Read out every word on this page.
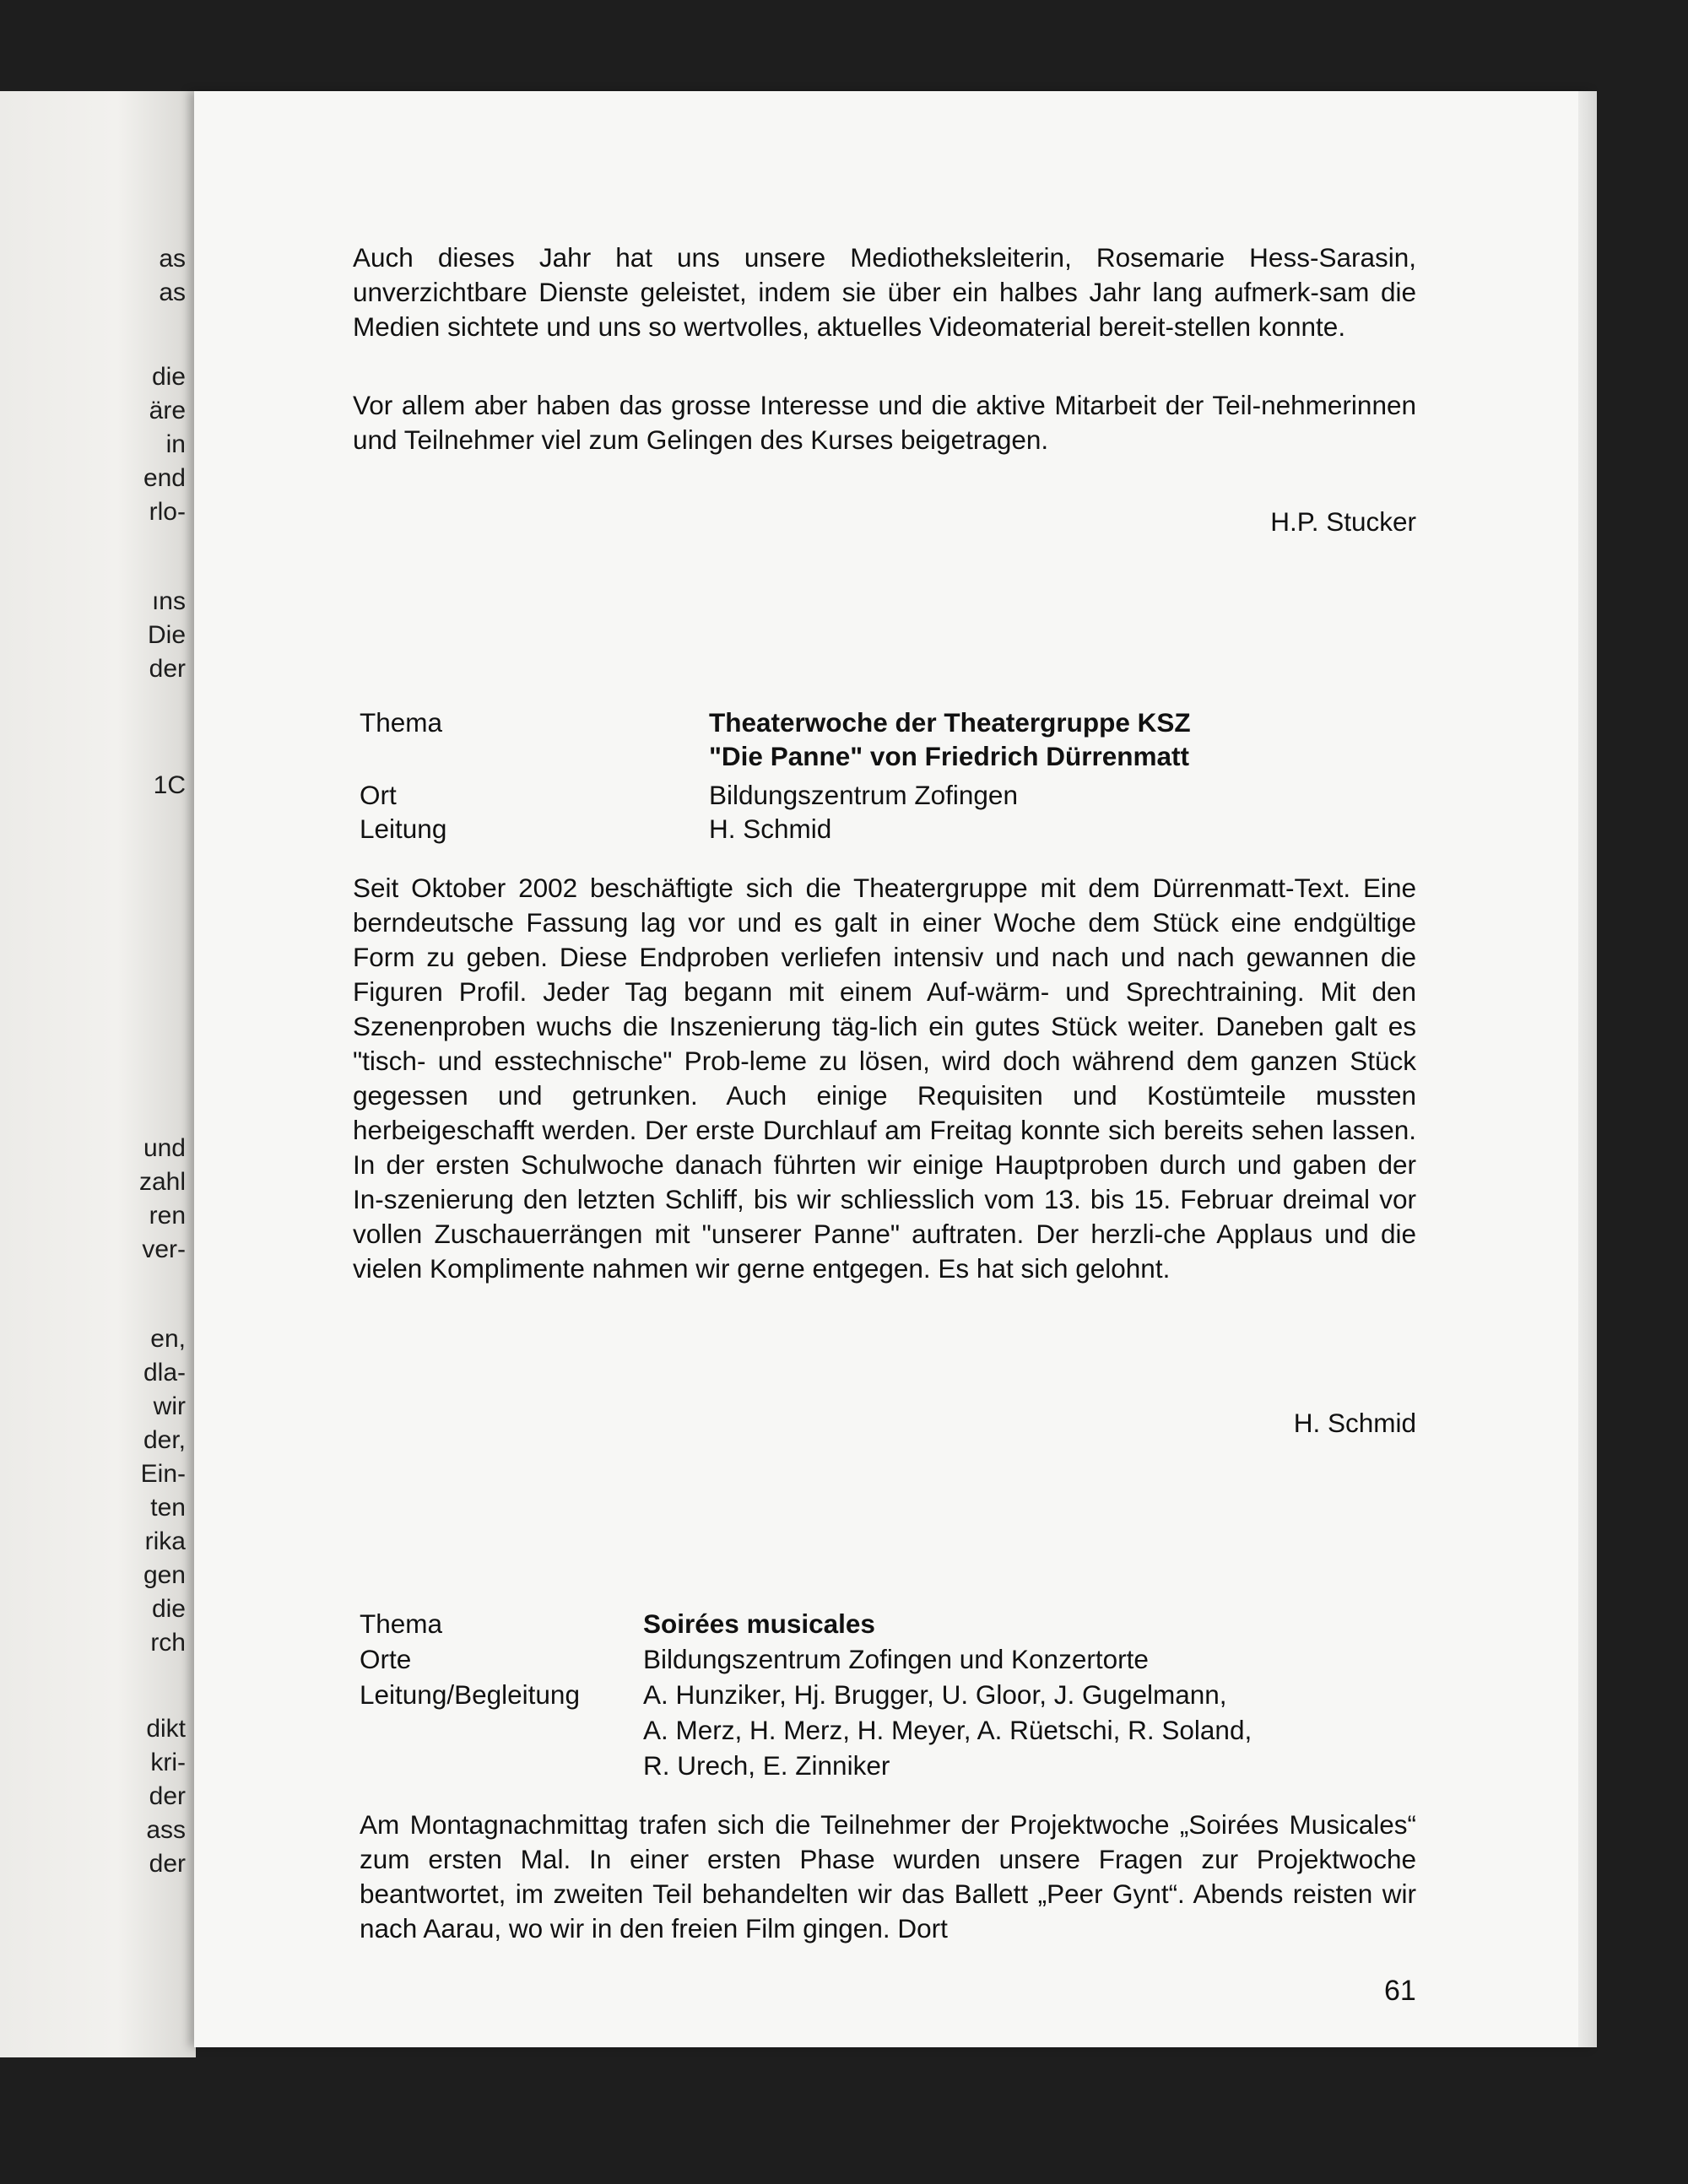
as
as
die
äre
in
end
rlo-
ıns
Die
der
1C
und
zahl
ren
ver-
en,
dla-
wir
der,
Ein-
ten
rika
gen
die
rch
dikt
kri-
der
ass
der

Auch dieses Jahr hat uns unsere Mediotheksleiterin, Rosemarie Hess-Sarasin, unverzichtbare Dienste geleistet, indem sie über ein halbes Jahr lang aufmerk-sam die Medien sichtete und uns so wertvolles, aktuelles Videomaterial bereit-stellen konnte.

Vor allem aber haben das grosse Interesse und die aktive Mitarbeit der Teil-nehmerinnen und Teilnehmer viel zum Gelingen des Kurses beigetragen.

H.P. Stucker
Thema	Theaterwoche der Theatergruppe KSZ
"Die Panne" von Friedrich Dürrenmatt
Ort	Bildungszentrum Zofingen
Leitung	H. Schmid

Seit Oktober 2002 beschäftigte sich die Theatergruppe mit dem Dürrenmatt-Text. Eine berndeutsche Fassung lag vor und es galt in einer Woche dem Stück eine endgültige Form zu geben. Diese Endproben verliefen intensiv und nach und nach gewannen die Figuren Profil. Jeder Tag begann mit einem Auf-wärm- und Sprechtraining. Mit den Szenenproben wuchs die Inszenierung täg-lich ein gutes Stück weiter. Daneben galt es "tisch- und esstechnische" Prob-leme zu lösen, wird doch während dem ganzen Stück gegessen und getrunken. Auch einige Requisiten und Kostümteile mussten herbeigeschafft werden. Der erste Durchlauf am Freitag konnte sich bereits sehen lassen. In der ersten Schulwoche danach führten wir einige Hauptproben durch und gaben der In-szenierung den letzten Schliff, bis wir schliesslich vom 13. bis 15. Februar dreimal vor vollen Zuschauerrängen mit "unserer Panne" auftraten. Der herzli-che Applaus und die vielen Komplimente nahmen wir gerne entgegen. Es hat sich gelohnt.

H. Schmid
Thema	Soirées musicales
Orte	Bildungszentrum Zofingen und Konzertorte
Leitung/Begleitung A. Hunziker, Hj. Brugger, U. Gloor, J. Gugelmann,
A. Merz, H. Merz, H. Meyer, A. Rüetschi, R. Soland,
R. Urech, E. Zinniker

Am Montagnachmittag trafen sich die Teilnehmer der Projektwoche „Soirées Musicales“ zum ersten Mal. In einer ersten Phase wurden unsere Fragen zur Projektwoche beantwortet, im zweiten Teil behandelten wir das Ballett „Peer Gynt“. Abends reisten wir nach Aarau, wo wir in den freien Film gingen. Dort

61
